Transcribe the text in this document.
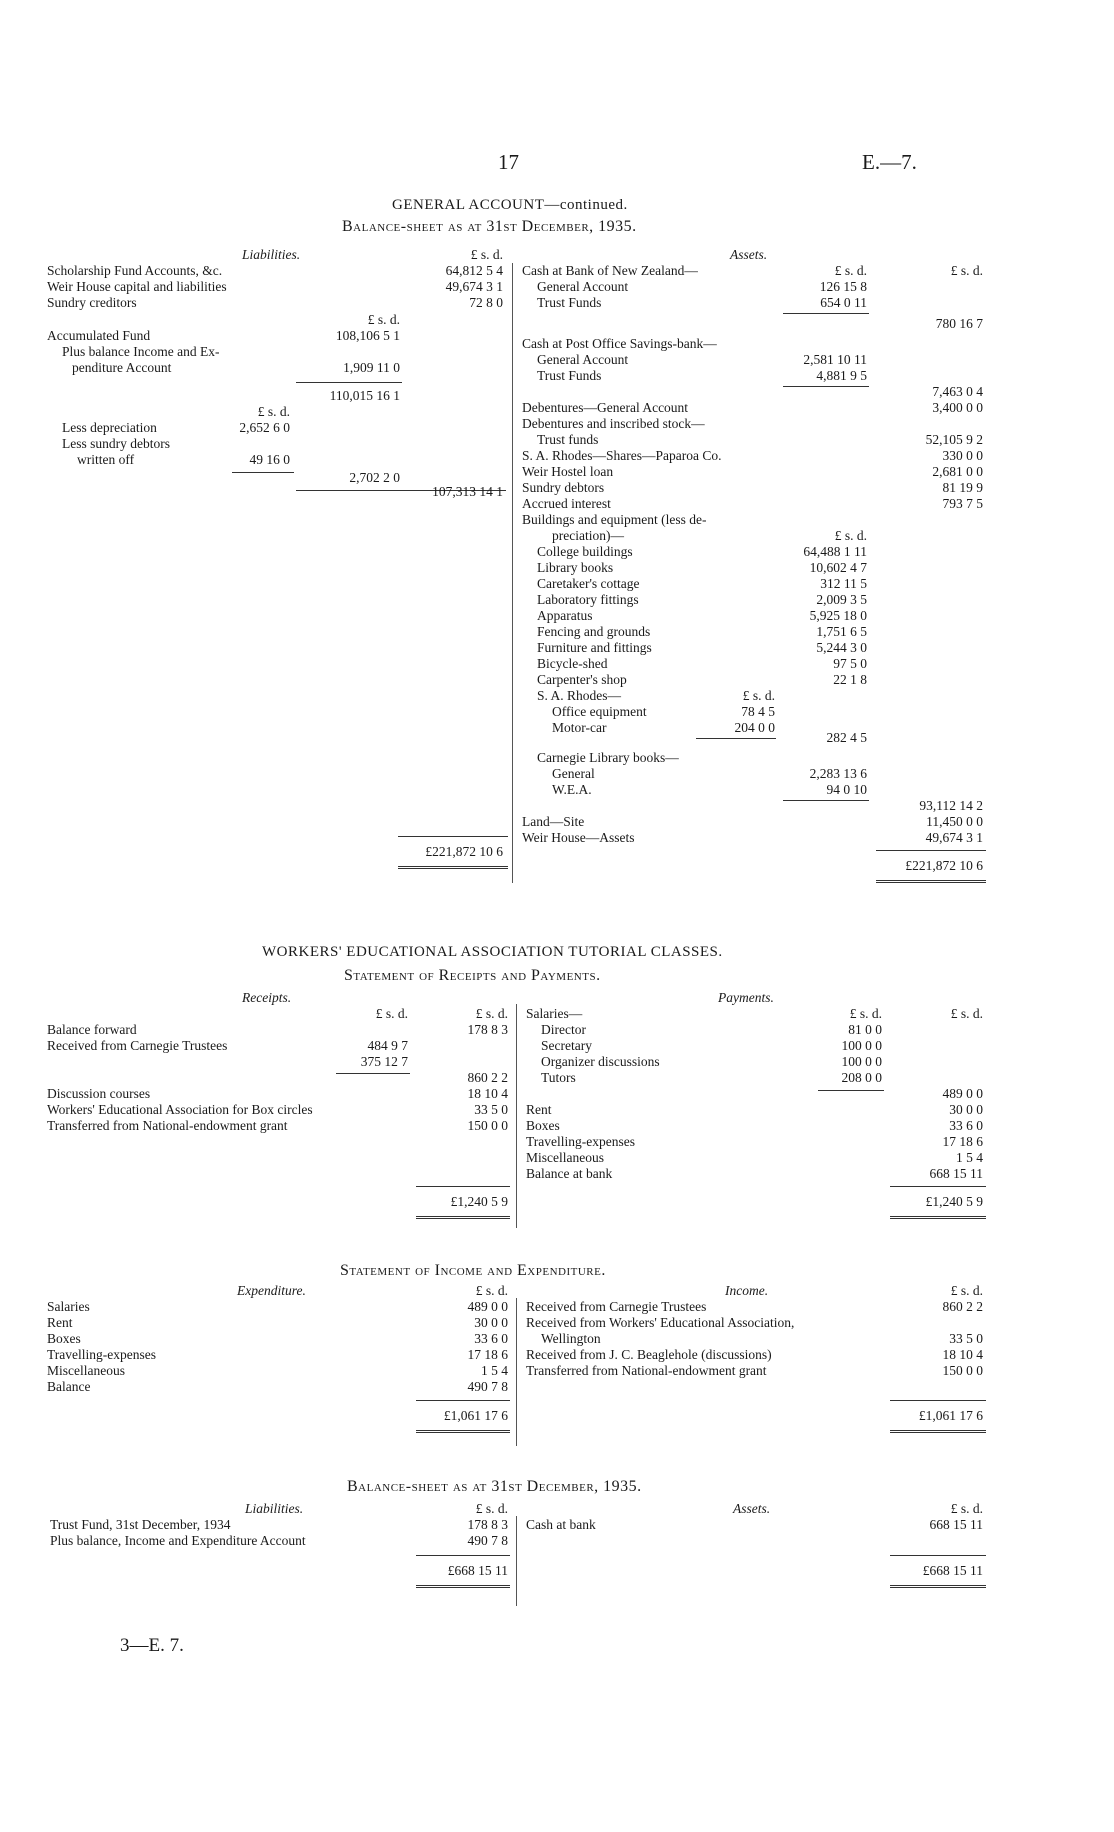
17	E.—7.
GENERAL ACCOUNT—continued.
Balance-sheet as at 31st December, 1935.
Liabilities.	Assets.
£ s. d.
Scholarship Fund Accounts, &c.	64,812 5 4
Weir House capital and liabilities	49,674 3 1
Sundry creditors	72 8 0
£ s. d.
Accumulated Fund	108,106 5 1
Plus balance Income and Ex-
penditure Account	1,909 11 0
110,015 16 1
£ s. d.
Less depreciation	2,652 6 0
Less sundry debtors
written off	49 16 0
2,702 2 0
107,313 14 1
£221,872 10 6
£ s. d.	£ s. d.
Cash at Bank of New Zealand—
General Account	126 15 8
Trust Funds	654 0 11
780 16 7
Cash at Post Office Savings-bank—
General Account	2,581 10 11
Trust Funds	4,881 9 5
7,463 0 4
Debentures—General Account	3,400 0 0
Debentures and inscribed stock—
Trust funds	52,105 9 2
S. A. Rhodes—Shares—Paparoa Co.	330 0 0
Weir Hostel loan	2,681 0 0
Sundry debtors	81 19 9
Accrued interest	793 7 5
Buildings and equipment (less de-
preciation)—	£ s. d.
College buildings	64,488 1 11
Library books	10,602 4 7
Caretaker's cottage	312 11 5
Laboratory fittings	2,009 3 5
Apparatus	5,925 18 0
Fencing and grounds	1,751 6 5
Furniture and fittings	5,244 3 0
Bicycle-shed	97 5 0
Carpenter's shop	22 1 8
S. A. Rhodes—	£ s. d.
Office equipment	78 4 5
Motor-car	204 0 0
282 4 5
Carnegie Library books—
General	2,283 13 6
W.E.A.	94 0 10
93,112 14 2
Land—Site	11,450 0 0
Weir House—Assets	49,674 3 1
£221,872 10 6
WORKERS' EDUCATIONAL ASSOCIATION TUTORIAL CLASSES.
Statement of Receipts and Payments.
Receipts.	Payments.
£ s. d.	£ s. d.
Balance forward	178 8 3
Received from Carnegie Trustees	484 9 7
375 12 7
860 2 2
Discussion courses	18 10 4
Workers' Educational Association for Box circles	33 5 0
Transferred from National-endowment grant	150 0 0
£1,240 5 9
£ s. d.	£ s. d.
Salaries—
Director	81 0 0
Secretary	100 0 0
Organizer discussions	100 0 0
Tutors	208 0 0
489 0 0
Rent	30 0 0
Boxes	33 6 0
Travelling-expenses	17 18 6
Miscellaneous	1 5 4
Balance at bank	668 15 11
£1,240 5 9
Statement of Income and Expenditure.
Expenditure.	Income.
£ s. d.	£ s. d.
Salaries	489 0 0
Rent	30 0 0
Boxes	33 6 0
Travelling-expenses	17 18 6
Miscellaneous	1 5 4
Balance	490 7 8
£1,061 17 6
Received from Carnegie Trustees	860 2 2
Received from Workers' Educational Association,
Wellington	33 5 0
Received from J. C. Beaglehole (discussions)	18 10 4
Transferred from National-endowment grant	150 0 0
£1,061 17 6
Balance-sheet as at 31st December, 1935.
Liabilities.	Assets.
£ s. d.	£ s. d.
Trust Fund, 31st December, 1934	178 8 3
Plus balance, Income and Expenditure Account	490 7 8
£668 15 11
Cash at bank	668 15 11
£668 15 11
3—E. 7.
